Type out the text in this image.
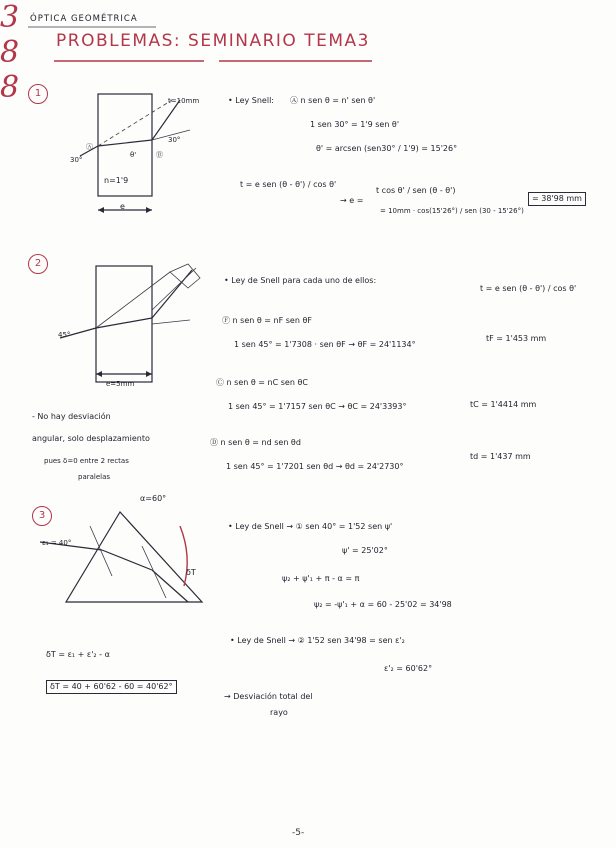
ÓPTICA GEOMÉTRICA
PROBLEMAS: SEMINARIO TEMA3
1
30°
30°
θ'
Ⓐ
Ⓑ
t=10mm
n=1'9
e
• Ley Snell: Ⓐ n sen θ = n' sen θ'
1 sen 30° = 1'9 sen θ'
θ' = arcsen (sen30° / 1'9) = 15'26°
3
t = e sen (θ - θ') / cos θ'
→ e =
t cos θ' / sen (θ - θ')
= 10mm · cos(15'26°) / sen (30 - 15'26°)
= 38'98 mm
2
45°
e=5mm
• Ley de Snell para cada uno de ellos:
t = e sen (θ - θ') / cos θ'
Ⓕ n sen θ = nF sen θF
1 sen 45° = 1'7308 · sen θF → θF = 24'1134°
tF = 1'453 mm
Ⓒ n sen θ = nC sen θC
1 sen 45° = 1'7157 sen θC → θC = 24'3393°	tC = 1'4414 mm
Ⓓ n sen θ = nd sen θd
1 sen 45° = 1'7201 sen θd → θd = 24'2730°
td = 1'437 mm
8
- No hay desviación
angular, solo desplazamiento
pues δ=0 entre 2 rectas
paralelas
3
α=60°
ε₁ = 40°
δT
• Ley de Snell → ① sen 40° = 1'52 sen ψ'
ψ' = 25'02°
ψ₂ + ψ'₁ + π - α = π
ψ₂ = -ψ'₁ + α = 60 - 25'02 = 34'98
8
• Ley de Snell → ② 1'52 sen 34'98 = sen ε'₂
ε'₂ = 60'62°
δT = ε₁ + ε'₂ - α
δT = 40 + 60'62 - 60 = 40'62°
→ Desviación total del
rayo
-5-
